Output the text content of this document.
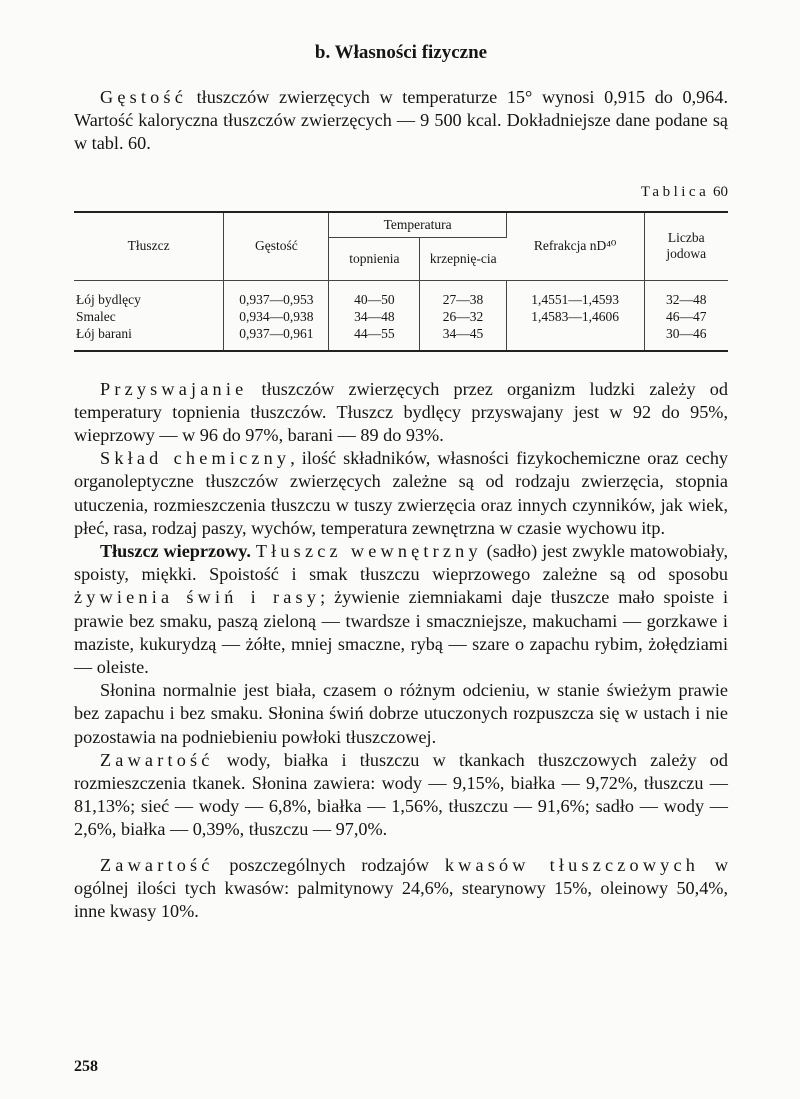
b. Własności fizyczne

Gęstość tłuszczów zwierzęcych w temperaturze 15° wynosi 0,915 do 0,964. Wartość kaloryczna tłuszczów zwierzęcych — 9 500 kcal. Dokładniejsze dane podane są w tabl. 60.

Tablica 60
Tłuszcz	Gęstość	Temperatura		Refrakcja nD⁴⁰	Liczba jodowa
		topnienia	krzepnię-cia		
Łój bydlęcy	0,937—0,953	40—50	27—38	1,4551—1,4593	32—48
Smalec	0,934—0,938	34—48	26—32	1,4583—1,4606	46—47
Łój barani	0,937—0,961	44—55	34—45		30—46

Przyswajanie tłuszczów zwierzęcych przez organizm ludzki zależy od temperatury topnienia tłuszczów. Tłuszcz bydlęcy przyswajany jest w 92 do 95%, wieprzowy — w 96 do 97%, barani — 89 do 93%.

Skład chemiczny, ilość składników, własności fizykochemiczne oraz cechy organoleptyczne tłuszczów zwierzęcych zależne są od rodzaju zwierzęcia, stopnia utuczenia, rozmieszczenia tłuszczu w tuszy zwierzęcia oraz innych czynników, jak wiek, płeć, rasa, rodzaj paszy, wychów, temperatura zewnętrzna w czasie wychowu itp.

Tłuszcz wieprzowy. Tłuszcz wewnętrzny (sadło) jest zwykle matowobiały, spoisty, miękki. Spoistość i smak tłuszczu wieprzowego zależne są od sposobu żywienia świń i rasy; żywienie ziemniakami daje tłuszcze mało spoiste i prawie bez smaku, paszą zieloną — twardsze i smaczniejsze, makuchami — gorzkawe i maziste, kukurydzą — żółte, mniej smaczne, rybą — szare o zapachu rybim, żołędziami — oleiste.

Słonina normalnie jest biała, czasem o różnym odcieniu, w stanie świeżym prawie bez zapachu i bez smaku. Słonina świń dobrze utuczonych rozpuszcza się w ustach i nie pozostawia na podniebieniu powłoki tłuszczowej.

Zawartość wody, białka i tłuszczu w tkankach tłuszczowych zależy od rozmieszczenia tkanek. Słonina zawiera: wody — 9,15%, białka — 9,72%, tłuszczu — 81,13%; sieć — wody — 6,8%, białka — 1,56%, tłuszczu — 91,6%; sadło — wody — 2,6%, białka — 0,39%, tłuszczu — 97,0%.

Zawartość poszczególnych rodzajów kwasów tłuszczowych w ogólnej ilości tych kwasów: palmitynowy 24,6%, stearynowy 15%, oleinowy 50,4%, inne kwasy 10%.

258
